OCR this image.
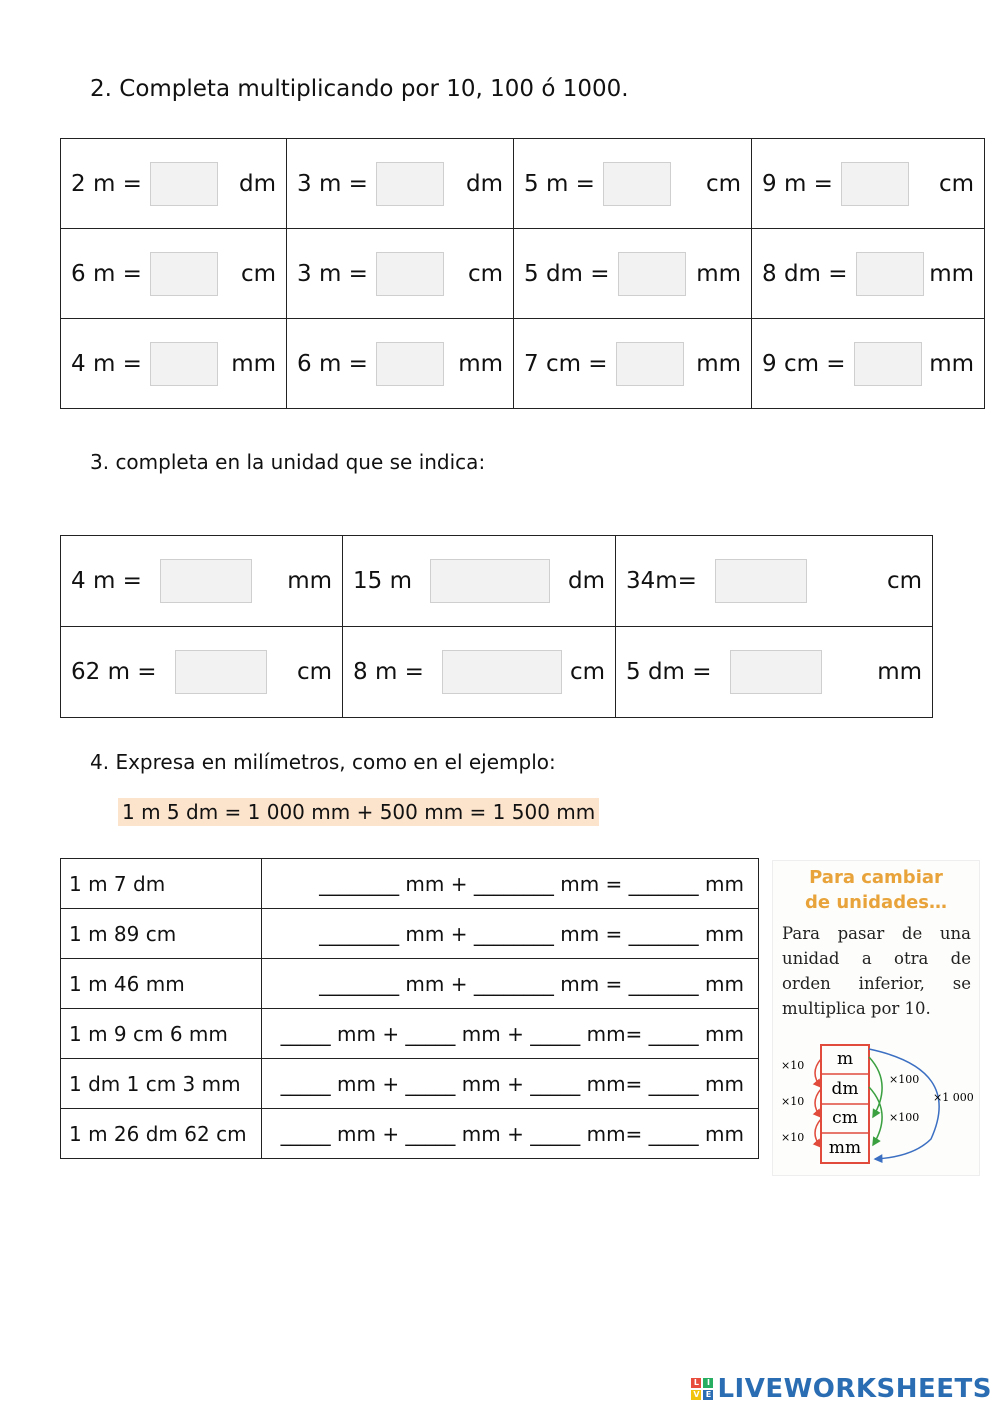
2. Completa multiplicando por 10, 100 ó 1000.
2 m = dm	3 m = dm	5 m = cm	9 m = cm

6 m = cm	3 m = cm	5 dm = mm	8 dm = mm

4 m = mm	6 m = mm	7 cm = mm	9 cm = mm
3. completa en la unidad que se indica:
4 m = mm	15 m dm	34m= cm

62 m = cm	8 m = cm	5 dm = mm
4. Expresa en milímetros, como en el ejemplo:
1 m 5 dm = 1 000 mm + 500 mm = 1 500 mm
1 m 7 dm	________ mm + ________ mm = _______ mm
1 m 89 cm	________ mm + ________ mm = _______ mm
1 m 46 mm	________ mm + ________ mm = _______ mm
1 m 9 cm 6 mm	_____ mm + _____ mm + _____ mm= _____ mm
1 dm 1 cm 3 mm	_____ mm + _____ mm + _____ mm= _____ mm
1 m 26 dm 62 cm	_____ mm + _____ mm + _____ mm= _____ mm
Para cambiar
de unidades…
Para pasar de una unidad a otra de orden inferior, se multiplica por 10.
m
dm
cm
mm
×10
×10
×10
×100
×100
×1 000
L I
V E LIVEWORKSHEETS
